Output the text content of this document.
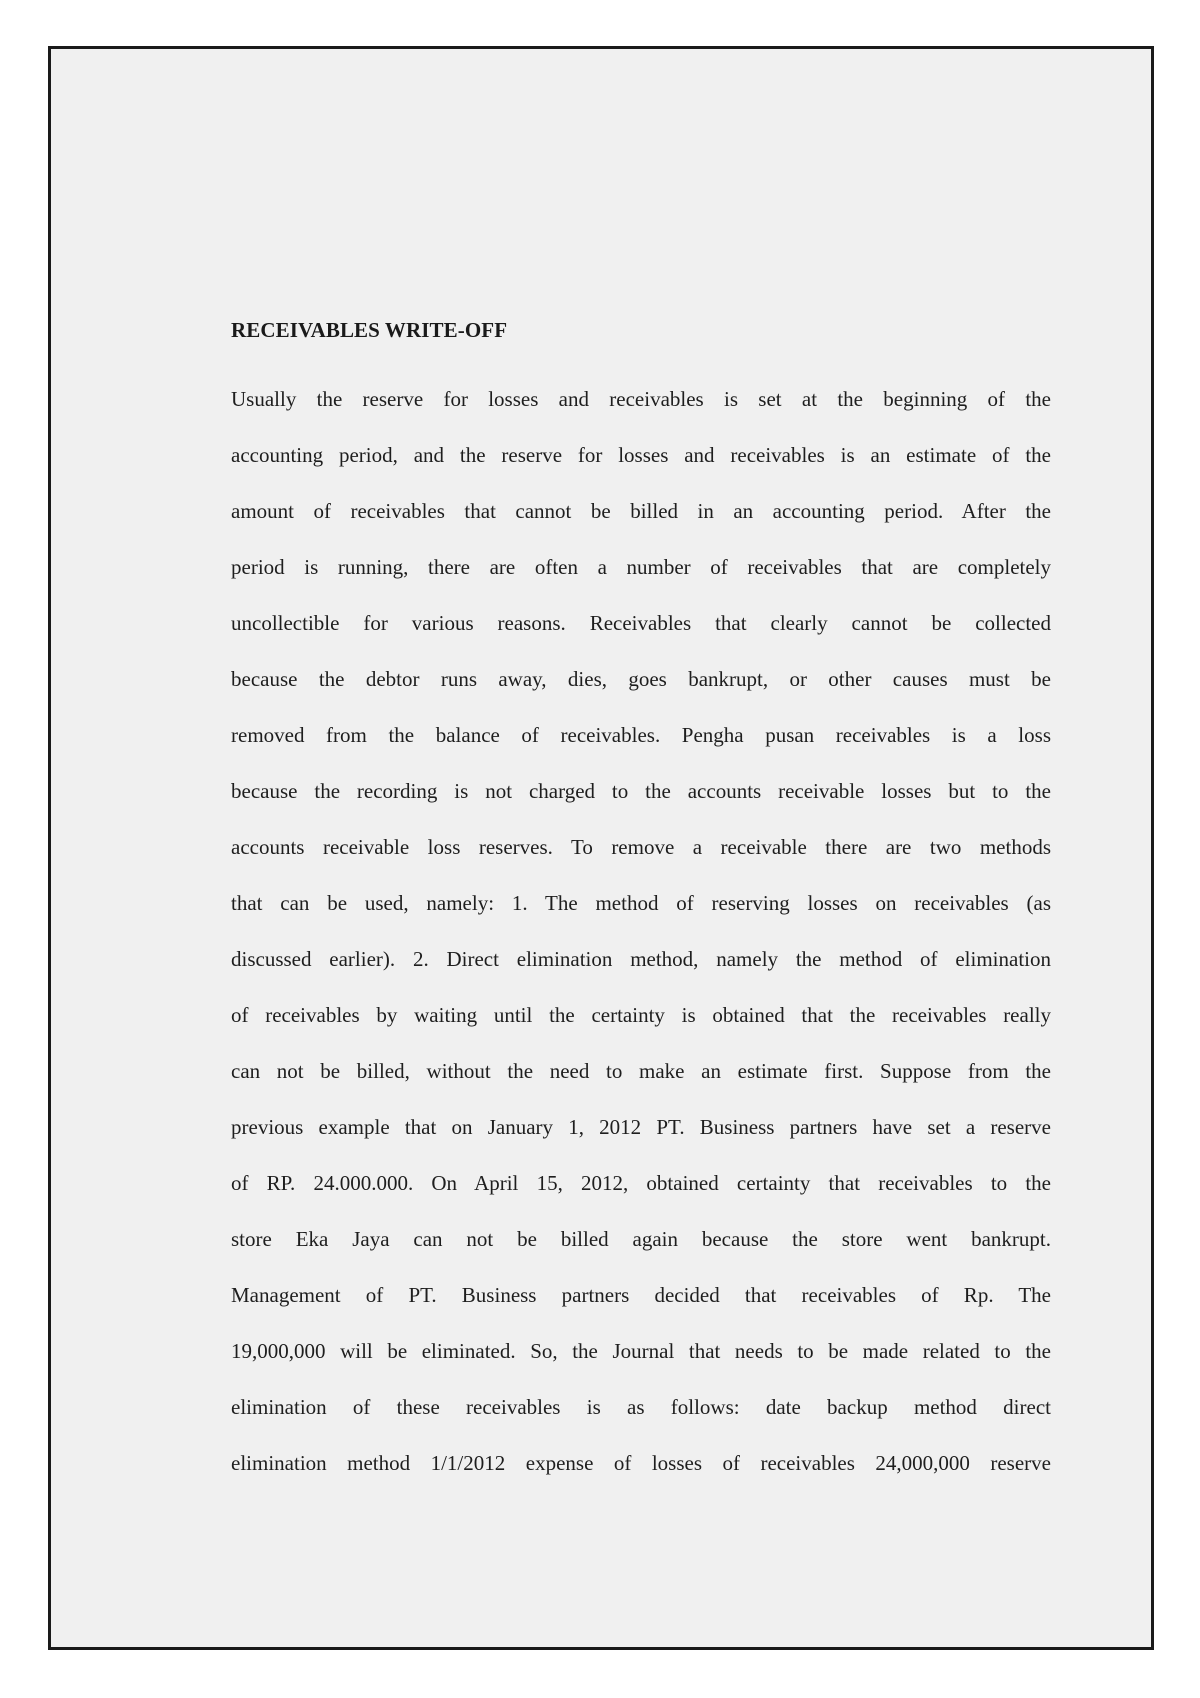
RECEIVABLES WRITE-OFF
Usually the reserve for losses and receivables is set at the beginning of the
accounting period, and the reserve for losses and receivables is an estimate of the
amount of receivables that cannot be billed in an accounting period. After the
period is running, there are often a number of receivables that are completely
uncollectible for various reasons. Receivables that clearly cannot be collected
because the debtor runs away, dies, goes bankrupt, or other causes must be
removed from the balance of receivables. Pengha pusan receivables is a loss
because the recording is not charged to the accounts receivable losses but to the
accounts receivable loss reserves. To remove a receivable there are two methods
that can be used, namely: 1. The method of reserving losses on receivables (as
discussed earlier). 2. Direct elimination method, namely the method of elimination
of receivables by waiting until the certainty is obtained that the receivables really
can not be billed, without the need to make an estimate first. Suppose from the
previous example that on January 1, 2012 PT. Business partners have set a reserve
of RP. 24.000.000. On April 15, 2012, obtained certainty that receivables to the
store Eka Jaya can not be billed again because the store went bankrupt.
Management of PT. Business partners decided that receivables of Rp. The
19,000,000 will be eliminated. So, the Journal that needs to be made related to the
elimination of these receivables is as follows: date backup method direct
elimination method 1/1/2012 expense of losses of receivables 24,000,000 reserve
